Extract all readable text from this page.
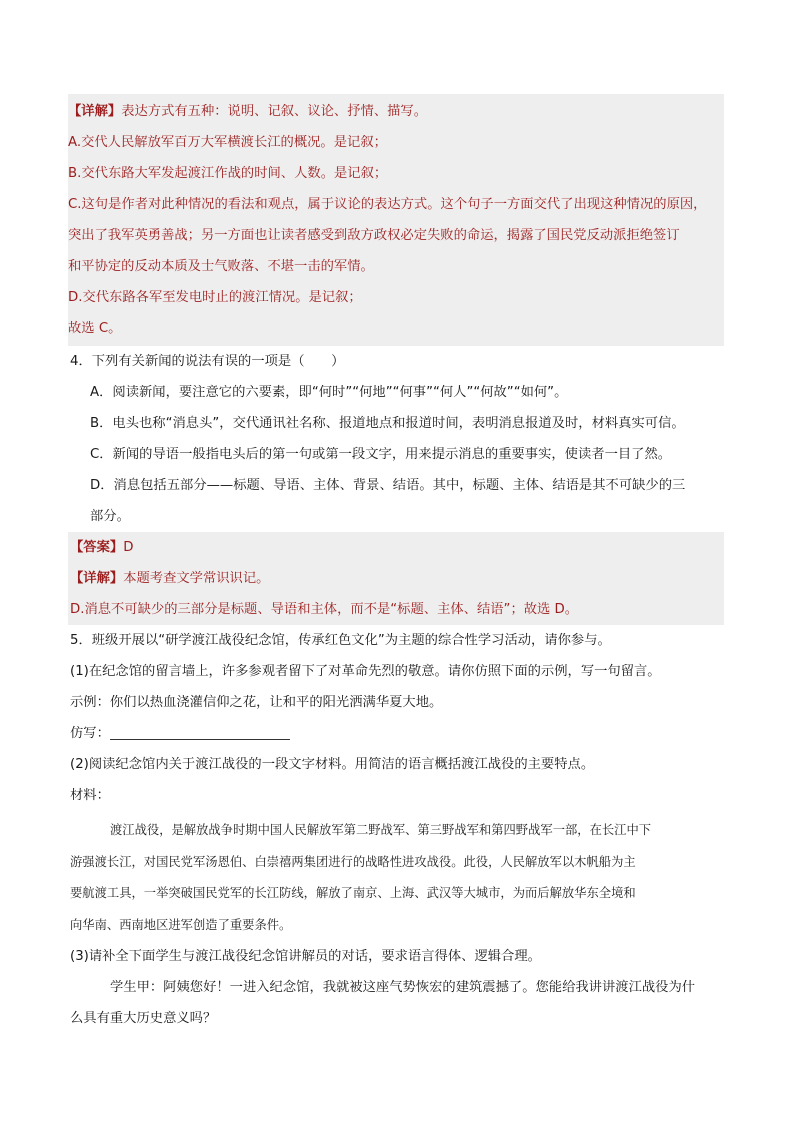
【详解】表达方式有五种：说明、记叙、议论、抒情、描写。
A.交代人民解放军百万大军横渡长江的概况。是记叙；
B.交代东路大军发起渡江作战的时间、人数。是记叙；
C.这句是作者对此种情况的看法和观点，属于议论的表达方式。这个句子一方面交代了出现这种情况的原因，
突出了我军英勇善战；另一方面也让读者感受到敌方政权必定失败的命运，揭露了国民党反动派拒绝签订
和平协定的反动本质及士气败落、不堪一击的军情。
D.交代东路各军至发电时止的渡江情况。是记叙；
故选 C。
4．下列有关新闻的说法有误的一项是（　　）
A．阅读新闻，要注意它的六要素，即“何时”“何地”“何事”“何人”“何故”“如何”。
B．电头也称“消息头”，交代通讯社名称、报道地点和报道时间，表明消息报道及时，材料真实可信。
C．新闻的导语一般指电头后的第一句或第一段文字，用来提示消息的重要事实，使读者一目了然。
D．消息包括五部分——标题、导语、主体、背景、结语。其中，标题、主体、结语是其不可缺少的三
部分。
【答案】D
【详解】本题考查文学常识识记。
D.消息不可缺少的三部分是标题、导语和主体，而不是“标题、主体、结语”；故选 D。
5．班级开展以“研学渡江战役纪念馆，传承红色文化”为主题的综合性学习活动，请你参与。
(1)在纪念馆的留言墙上，许多参观者留下了对革命先烈的敬意。请你仿照下面的示例，写一句留言。
示例：你们以热血浇灌信仰之花，让和平的阳光洒满华夏大地。
仿写：
(2)阅读纪念馆内关于渡江战役的一段文字材料。用简洁的语言概括渡江战役的主要特点。
材料：
渡江战役，是解放战争时期中国人民解放军第二野战军、第三野战军和第四野战军一部，在长江中下
游强渡长江，对国民党军汤恩伯、白崇禧两集团进行的战略性进攻战役。此役，人民解放军以木帆船为主
要航渡工具，一举突破国民党军的长江防线，解放了南京、上海、武汉等大城市，为而后解放华东全境和
向华南、西南地区进军创造了重要条件。
(3)请补全下面学生与渡江战役纪念馆讲解员的对话，要求语言得体、逻辑合理。
学生甲：阿姨您好！一进入纪念馆，我就被这座气势恢宏的建筑震撼了。您能给我讲讲渡江战役为什
么具有重大历史意义吗？
